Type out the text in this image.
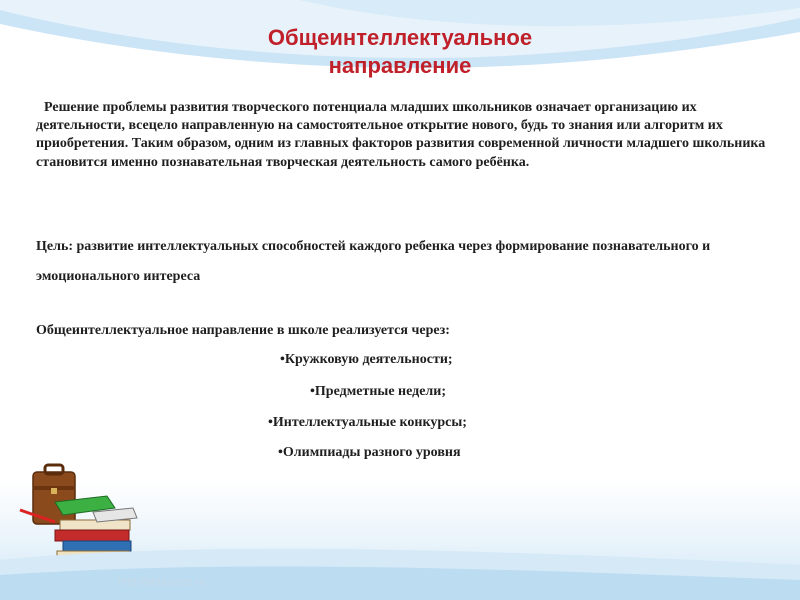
Общеинтеллектуальное
направление
Решение проблемы развития творческого потенциала младших школьников означает организацию их деятельности, всецело направленную на самостоятельное открытие нового, будь то знания или алгоритм их приобретения. Таким образом, одним из главных факторов развития современной личности младшего школьника становится именно познавательная творческая деятельность самого ребёнка.
Цель: развитие интеллектуальных способностей каждого ребенка через формирование познавательного и эмоционального интереса
Общеинтеллектуальное направление в школе реализуется через:
•Кружковую деятельности;
•Предметные недели;
•Интеллектуальные конкурсы;
•Олимпиады разного уровня
http://aida.ucoz.ru
